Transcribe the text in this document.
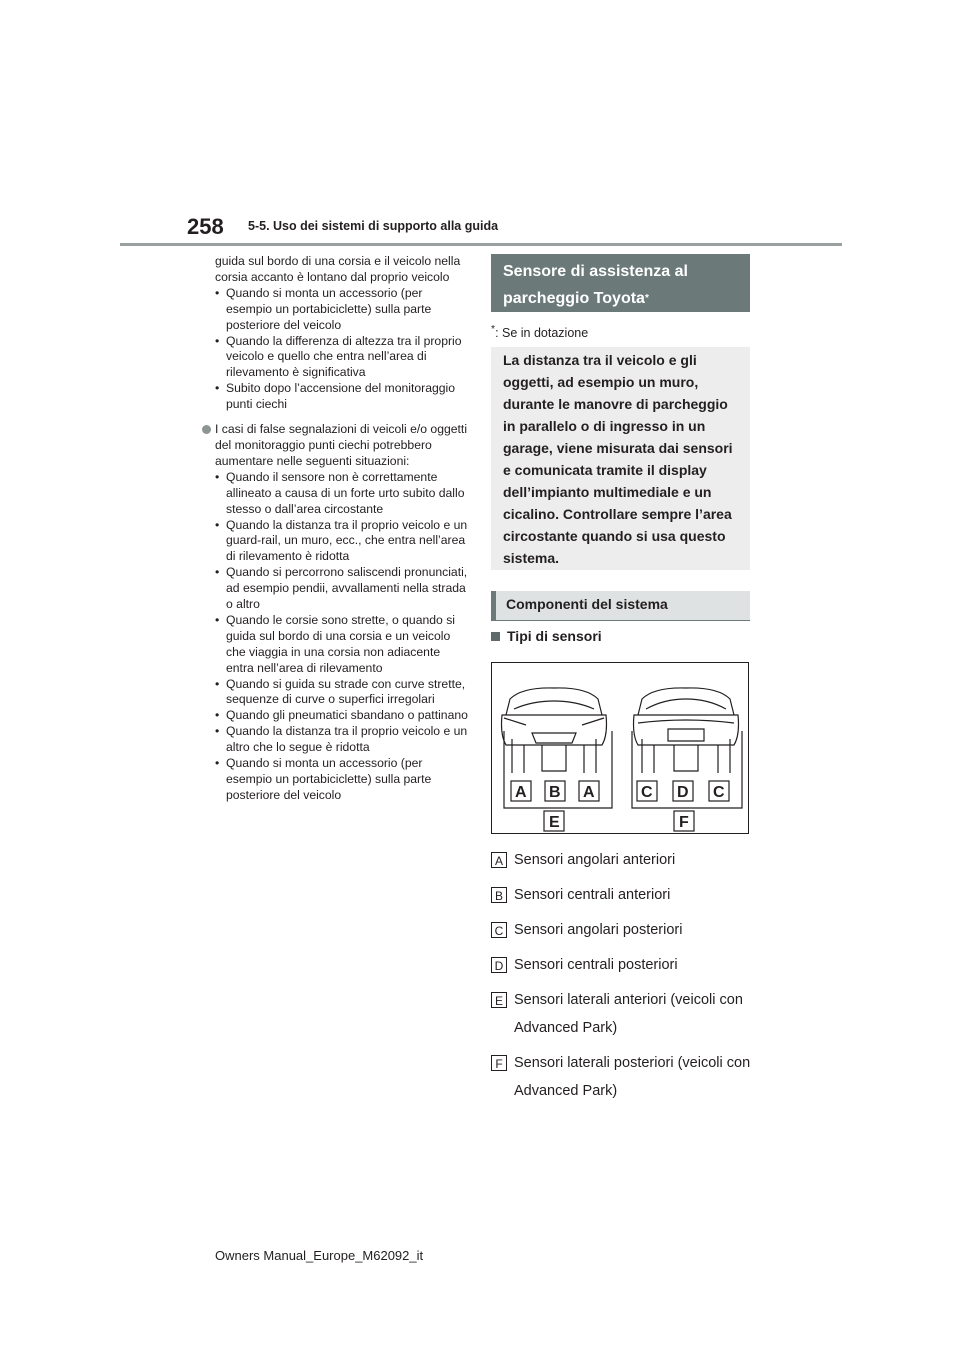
258 5-5. Uso dei sistemi di supporto alla guida

guida sul bordo di una corsia e il veicolo nella corsia accanto è lontano dal proprio veicolo

• Quando si monta un accessorio (per esempio un portabiciclette) sulla parte posteriore del veicolo

• Quando la differenza di altezza tra il proprio veicolo e quello che entra nell’area di rilevamento è significativa

• Subito dopo l’accensione del monitoraggio punti ciechi

I casi di false segnalazioni di veicoli e/o oggetti del monitoraggio punti ciechi potrebbero aumentare nelle seguenti situazioni:

• Quando il sensore non è correttamente allineato a causa di un forte urto subito dallo stesso o dall’area circostante

• Quando la distanza tra il proprio veicolo e un guard-rail, un muro, ecc., che entra nell’area di rilevamento è ridotta

• Quando si percorrono saliscendi pronunciati, ad esempio pendii, avvallamenti nella strada o altro

• Quando le corsie sono strette, o quando si guida sul bordo di una corsia e un veicolo che viaggia in una corsia non adiacente entra nell’area di rilevamento

• Quando si guida su strade con curve strette, sequenze di curve o superfici irregolari

• Quando gli pneumatici sbandano o pattinano

• Quando la distanza tra il proprio veicolo e un altro che lo segue è ridotta

• Quando si monta un accessorio (per esempio un portabiciclette) sulla parte posteriore del veicolo

Sensore di assistenza al parcheggio Toyota*
*: Se in dotazione
La distanza tra il veicolo e gli oggetti, ad esempio un muro, durante le manovre di parcheggio in parallelo o di ingresso in un garage, viene misurata dai sensori e comunicata tramite il display dell’impianto multimediale e un cicalino. Controllare sempre l’area circostante quando si usa questo sistema.
Componenti del sistema
Tipi di sensori
A B A
E
C D C
F
A Sensori angolari anteriori
B Sensori centrali anteriori
C Sensori angolari posteriori
D Sensori centrali posteriori
E Sensori laterali anteriori (veicoli con Advanced Park)
F Sensori laterali posteriori (veicoli con Advanced Park)
Owners Manual_Europe_M62092_it
